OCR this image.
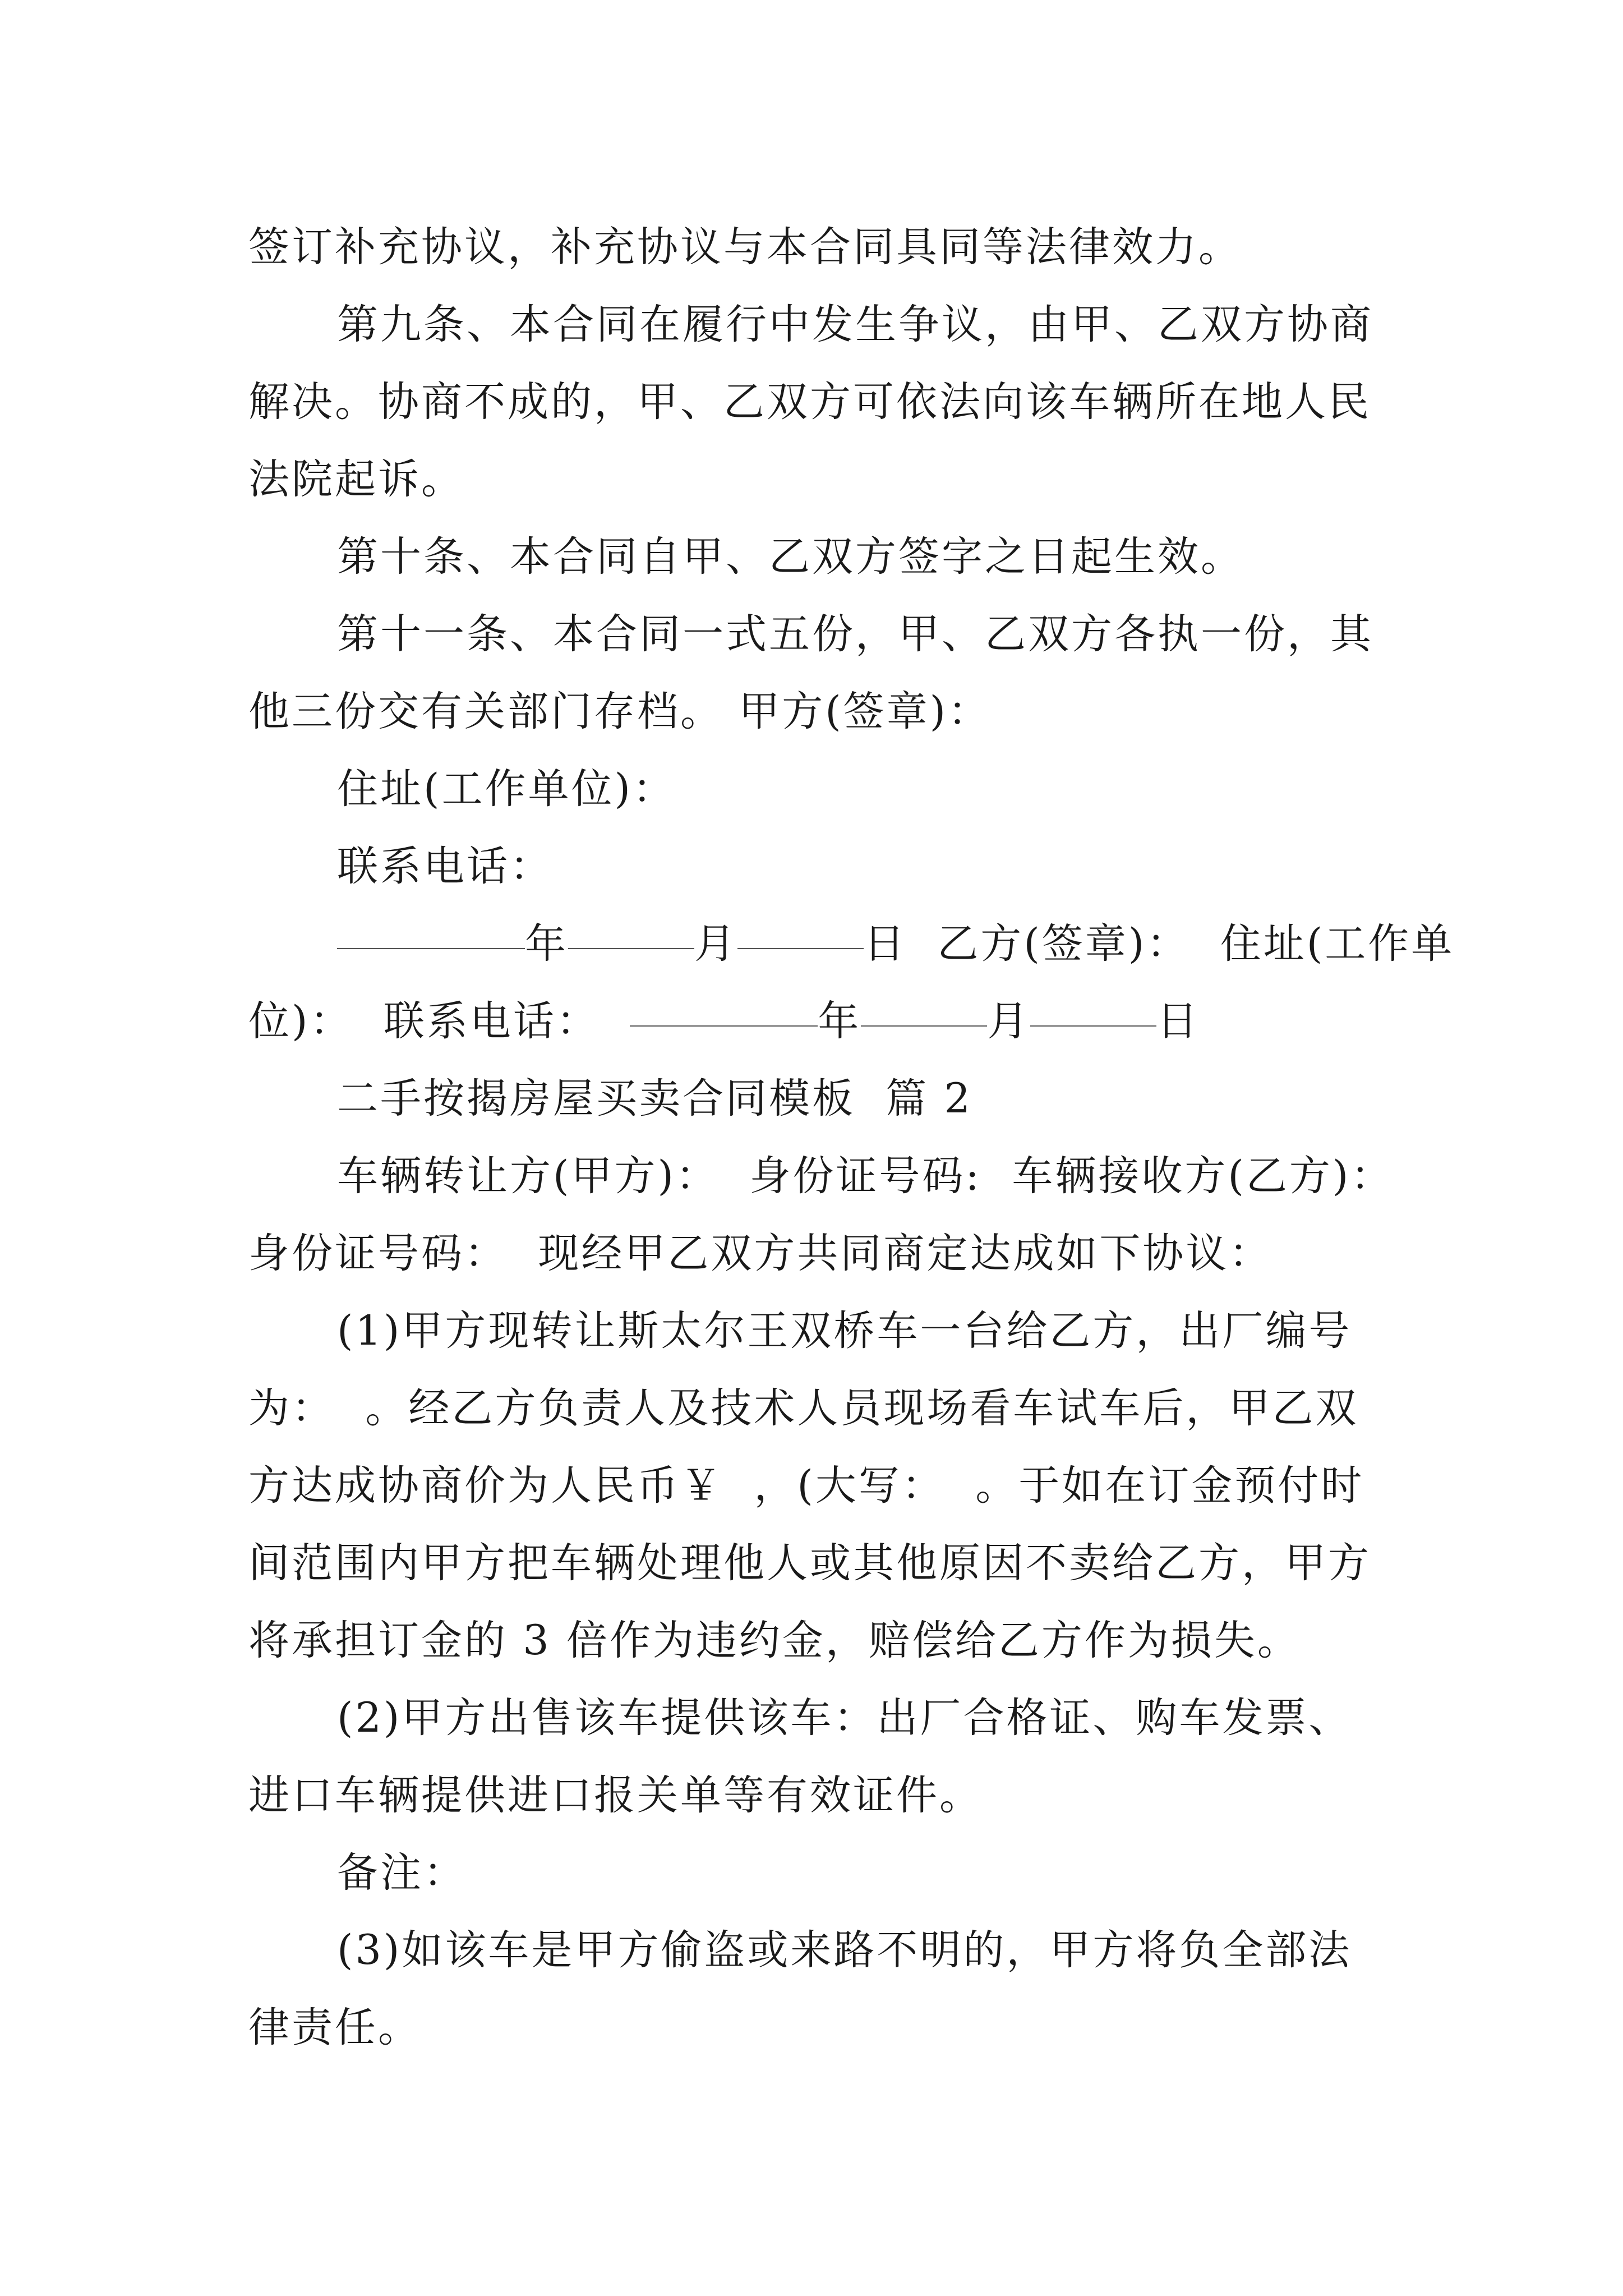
签订补充协议，补充协议与本合同具同等法律效力。
第九条、本合同在履行中发生争议，由甲、乙双方协商
解决。协商不成的，甲、乙双方可依法向该车辆所在地人民
法院起诉。
第十条、本合同自甲、乙双方签字之日起生效。
第十一条、本合同一式五份，甲、乙双方各执一份，其
他三份交有关部门存档。 甲方(签章)：
住址(工作单位)：
联系电话：
年	月	日  乙方(签章)：  住址(工作单
位)：  联系电话：	年	月	日
二手按揭房屋买卖合同模板  篇 2
车辆转让方(甲方)：  身份证号码:  车辆接收方(乙方)：
身份证号码：  现经甲乙双方共同商定达成如下协议：
(1)甲方现转让斯太尔王双桥车一台给乙方，出厂编号
为：  。经乙方负责人及技术人员现场看车试车后，甲乙双
方达成协商价为人民币￥  ，(大写：  。于如在订金预付时
间范围内甲方把车辆处理他人或其他原因不卖给乙方，甲方
将承担订金的 3 倍作为违约金，赔偿给乙方作为损失。
(2)甲方出售该车提供该车：出厂合格证、购车发票、
进口车辆提供进口报关单等有效证件。
备注：
(3)如该车是甲方偷盗或来路不明的，甲方将负全部法
律责任。
